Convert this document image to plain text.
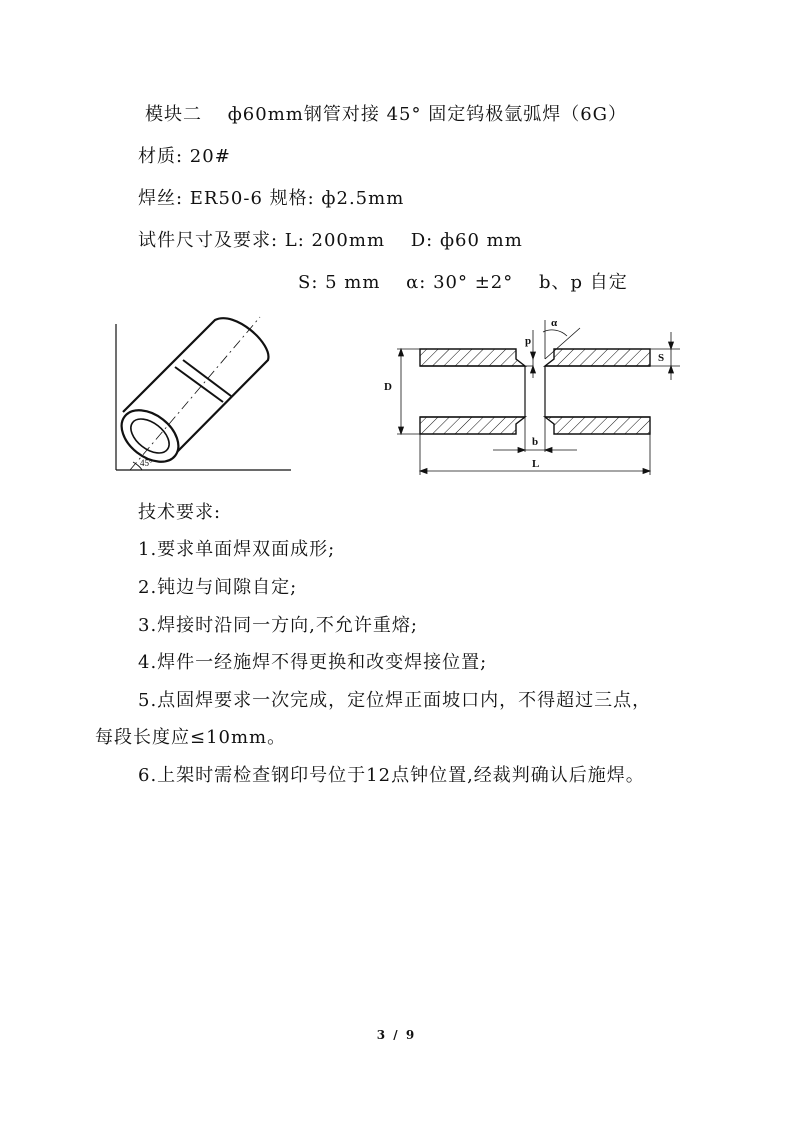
模块二　 ф60mm钢管对接 45° 固定钨极氩弧焊（6G）
材质: 20#
焊丝: ER50-6 规格: ф2.5mm
试件尺寸及要求: L: 200mm　 D: ф60 mm
S: 5 mm　 α: 30° ±2°　 b、p 自定
45°
α
p
S
D
b
L
技术要求:
1.要求单面焊双面成形;
2.钝边与间隙自定;
3.焊接时沿同一方向,不允许重熔;
4.焊件一经施焊不得更换和改变焊接位置;
5.点固焊要求一次完成，定位焊正面坡口内，不得超过三点，
每段长度应≤10mm。
6.上架时需检查钢印号位于12点钟位置,经裁判确认后施焊。
3 / 9
